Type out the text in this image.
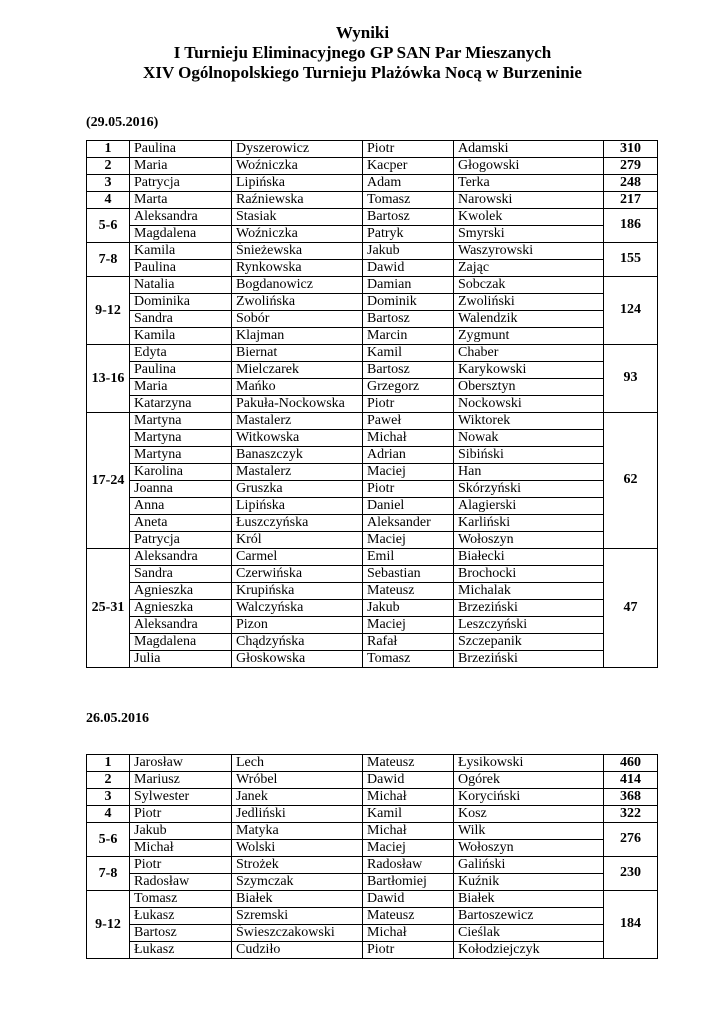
Wyniki
I Turnieju Eliminacyjnego GP SAN Par Mieszanych
XIV Ogólnopolskiego Turnieju Plażówka Nocą w Burzeninie
(29.05.2016)
1	Paulina	Dyszerowicz	Piotr	Adamski	310
2	Maria	Woźniczka	Kacper	Głogowski	279
3	Patrycja	Lipińska	Adam	Terka	248
4	Marta	Raźniewska	Tomasz	Narowski	217
5-6	Aleksandra	Stasiak	Bartosz	Kwolek	186
	Magdalena	Woźniczka	Patryk	Smyrski	
7-8	Kamila	Śnieżewska	Jakub	Waszyrowski	155
	Paulina	Rynkowska	Dawid	Zając	
	Natalia	Bogdanowicz	Damian	Sobczak	
9-12	Dominika	Zwolińska	Dominik	Zwoliński	124
	Sandra	Sobór	Bartosz	Walendzik	
	Kamila	Klajman	Marcin	Zygmunt	
	Edyta	Biernat	Kamil	Chaber	
13-16	Paulina	Mielczarek	Bartosz	Karykowski	93
	Maria	Mańko	Grzegorz	Obersztyn	
	Katarzyna	Pakuła-Nockowska	Piotr	Nockowski	
	Martyna	Mastalerz	Paweł	Wiktorek	
	Martyna	Witkowska	Michał	Nowak	
	Martyna	Banaszczyk	Adrian	Sibiński	
17-24	Karolina	Mastalerz	Maciej	Han	62
	Joanna	Gruszka	Piotr	Skórzyński	
	Anna	Lipińska	Daniel	Alagierski	
	Aneta	Łuszczyńska	Aleksander	Karliński	
	Patrycja	Król	Maciej	Wołoszyn	
	Aleksandra	Carmel	Emil	Białecki	
	Sandra	Czerwińska	Sebastian	Brochocki	
	Agnieszka	Krupińska	Mateusz	Michalak	
25-31	Agnieszka	Walczyńska	Jakub	Brzeziński	47
	Aleksandra	Pizon	Maciej	Leszczyński	
	Magdalena	Chądzyńska	Rafał	Szczepanik	
	Julia	Głoskowska	Tomasz	Brzeziński	
26.05.2016
1	Jarosław	Lech	Mateusz	Łysikowski	460
2	Mariusz	Wróbel	Dawid	Ogórek	414
3	Sylwester	Janek	Michał	Koryciński	368
4	Piotr	Jedliński	Kamil	Kosz	322
5-6	Jakub	Matyka	Michał	Wilk	276
	Michał	Wolski	Maciej	Wołoszyn	
7-8	Piotr	Strożek	Radosław	Galiński	230
	Radosław	Szymczak	Bartłomiej	Kuźnik	
	Tomasz	Białek	Dawid	Białek	
9-12	Łukasz	Szremski	Mateusz	Bartoszewicz	184
	Bartosz	Świeszczakowski	Michał	Cieślak	
	Łukasz	Cudziło	Piotr	Kołodziejczyk	
